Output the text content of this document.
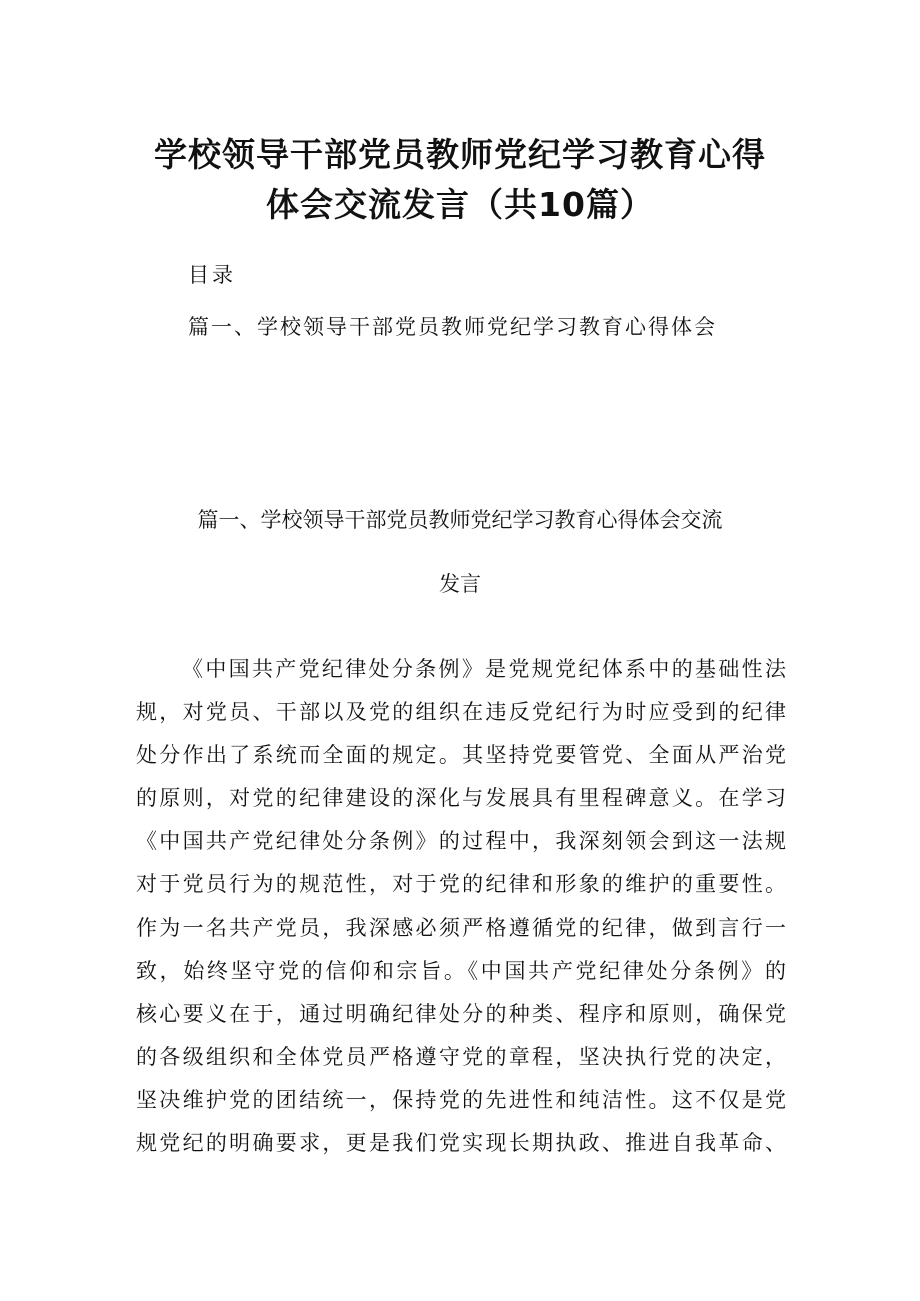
学校领导干部党员教师党纪学习教育心得
体会交流发言（共10篇）
目录
篇一、学校领导干部党员教师党纪学习教育心得体会
篇一、学校领导干部党员教师党纪学习教育心得体会交流
发言
《中国共产党纪律处分条例》是党规党纪体系中的基础性法
规，对党员、干部以及党的组织在违反党纪行为时应受到的纪律
处分作出了系统而全面的规定。其坚持党要管党、全面从严治党
的原则，对党的纪律建设的深化与发展具有里程碑意义。在学习
《中国共产党纪律处分条例》的过程中，我深刻领会到这一法规
对于党员行为的规范性，对于党的纪律和形象的维护的重要性。
作为一名共产党员，我深感必须严格遵循党的纪律，做到言行一
致，始终坚守党的信仰和宗旨。《中国共产党纪律处分条例》的
核心要义在于，通过明确纪律处分的种类、程序和原则，确保党
的各级组织和全体党员严格遵守党的章程，坚决执行党的决定，
坚决维护党的团结统一，保持党的先进性和纯洁性。这不仅是党
规党纪的明确要求，更是我们党实现长期执政、推进自我革命、
